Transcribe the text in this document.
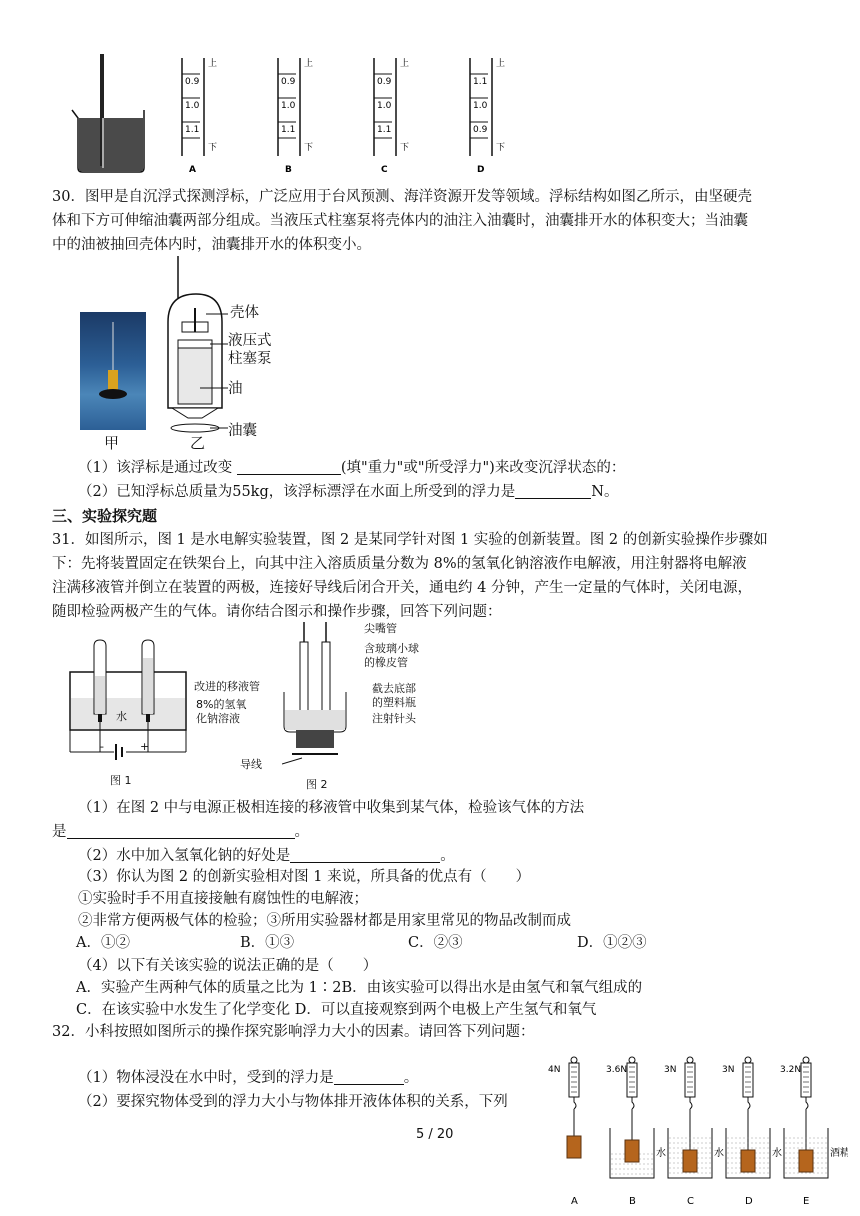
0.9
1.0
1.1
上
下
A
0.9
1.0
1.1
上
下
B
0.9
1.0
1.1
上
下
C
1.1
1.0
0.9
上
下
D
30．图甲是自沉浮式探测浮标，广泛应用于台风预测、海洋资源开发等领域。浮标结构如图乙所示，由坚硬壳
体和下方可伸缩油囊两部分组成。当液压式柱塞泵将壳体内的油注入油囊时，油囊排开水的体积变大；当油囊
中的油被抽回壳体内时，油囊排开水的体积变小。
甲
壳体
液压式
柱塞泵
油
油囊
乙
（1）该浮标是通过改变	(填"重力"或"所受浮力")来改变沉浮状态的：
（2）已知浮标总质量为55kg，该浮标漂浮在水面上所受到的浮力是	N。
三、实验探究题
31．如图所示，图 1 是水电解实验装置，图 2 是某同学针对图 1 实验的创新装置。图 2 的创新实验操作步骤如
下：先将装置固定在铁架台上，向其中注入溶质质量分数为 8%的氢氧化钠溶液作电解液，用注射器将电解液
注满移液管并倒立在装置的两极，连接好导线后闭合开关，通电约 4 分钟，产生一定量的气体时，关闭电源，
随即检验两极产生的气体。请你结合图示和操作步骤，回答下列问题：
水
-	+
图 1
尖嘴管
含玻璃小球
的橡皮管
改进的移液管
8%的氢氧
化钠溶液
截去底部
的塑料瓶
注射针头
导线
图 2
（1）在图 2 中与电源正极相连接的移液管中收集到某气体，检验该气体的方法
是	。
（2）水中加入氢氧化钠的好处是	。
（3）你认为图 2 的创新实验相对图 1 来说，所具备的优点有（　　）
①实验时手不用直接接触有腐蚀性的电解液；
②非常方便两极气体的检验；③所用实验器材都是用家里常见的物品改制而成
A．①②	B．①③	C．②③	D．①②③
（4）以下有关该实验的说法正确的是（　　）
A．实验产生两种气体的质量之比为 1∶2B．由该实验可以得出水是由氢气和氧气组成的
C．在该实验中水发生了化学变化 D．可以直接观察到两个电极上产生氢气和氧气
32．小科按照如图所示的操作探究影响浮力大小的因素。请回答下列问题：
（1）物体浸没在水中时，受到的浮力是	。
（2）要探究物体受到的浮力大小与物体排开液体体积的关系，下列
4N
A
3.6N
水
B
3N
水
C
3N
水
D
3.2N
酒精
E
5 / 20
